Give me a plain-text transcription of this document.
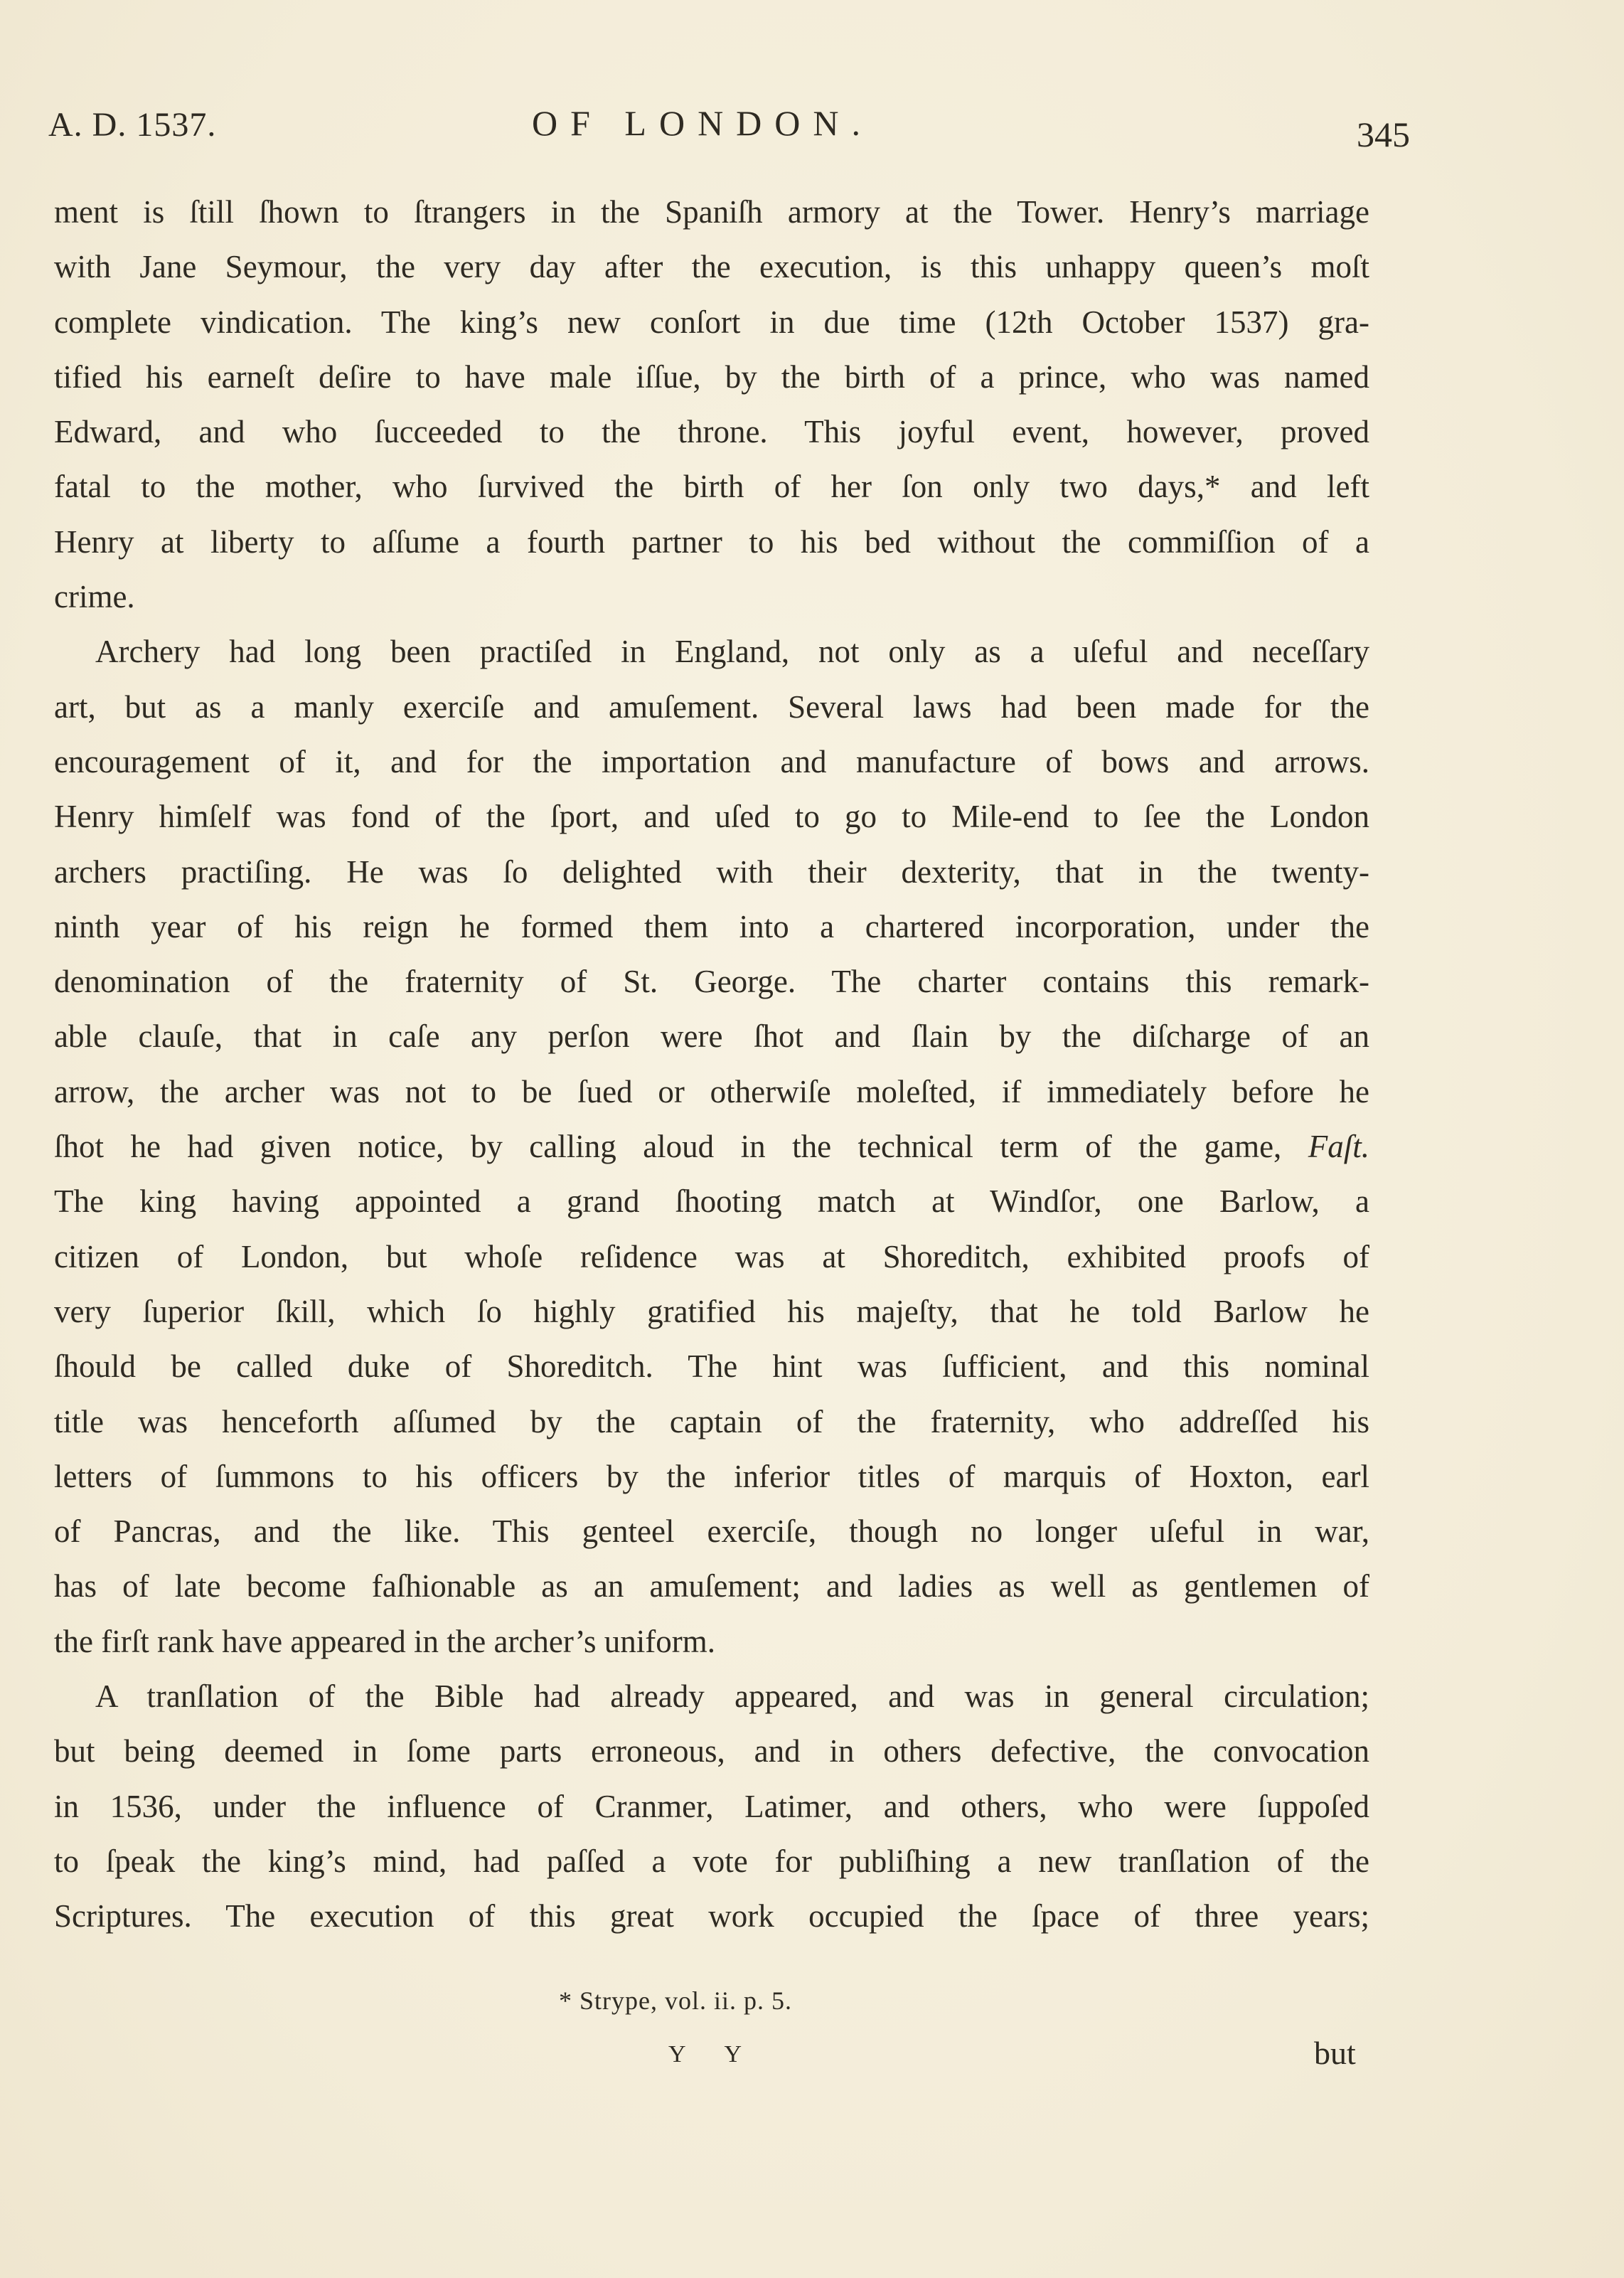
A. D. 1537.	OF LONDON.	345
ment is ſtill ſhown to ſtrangers in the Spaniſh armory at the Tower. Henry’s marriage
with Jane Seymour, the very day after the execution, is this unhappy queen’s moſt
complete vindication. The king’s new conſort in due time (12th October 1537) gra-
tified his earneſt deſire to have male iſſue, by the birth of a prince, who was named
Edward, and who ſucceeded to the throne. This joyful event, however, proved
fatal to the mother, who ſurvived the birth of her ſon only two days,* and left
Henry at liberty to aſſume a fourth partner to his bed without the commiſſion of a
crime.
Archery had long been practiſed in England, not only as a uſeful and neceſſary
art, but as a manly exerciſe and amuſement. Several laws had been made for the
encouragement of it, and for the importation and manufacture of bows and arrows.
Henry himſelf was fond of the ſport, and uſed to go to Mile-end to ſee the London
archers practiſing. He was ſo delighted with their dexterity, that in the twenty-
ninth year of his reign he formed them into a chartered incorporation, under the
denomination of the fraternity of St. George. The charter contains this remark-
able clauſe, that in caſe any perſon were ſhot and ſlain by the diſcharge of an
arrow, the archer was not to be ſued or otherwiſe moleſted, if immediately before he
ſhot he had given notice, by calling aloud in the technical term of the game, Faſt.
The king having appointed a grand ſhooting match at Windſor, one Barlow, a
citizen of London, but whoſe reſidence was at Shoreditch, exhibited proofs of
very ſuperior ſkill, which ſo highly gratified his majeſty, that he told Barlow he
ſhould be called duke of Shoreditch. The hint was ſufficient, and this nominal
title was henceforth aſſumed by the captain of the fraternity, who addreſſed his
letters of ſummons to his officers by the inferior titles of marquis of Hoxton, earl
of Pancras, and the like. This genteel exerciſe, though no longer uſeful in war,
has of late become faſhionable as an amuſement; and ladies as well as gentlemen of
the firſt rank have appeared in the archer’s uniform.
A tranſlation of the Bible had already appeared, and was in general circulation;
but being deemed in ſome parts erroneous, and in others defective, the convocation
in 1536, under the influence of Cranmer, Latimer, and others, who were ſuppoſed
to ſpeak the king’s mind, had paſſed a vote for publiſhing a new tranſlation of the
Scriptures. The execution of this great work occupied the ſpace of three years;
* Strype, vol. ii. p. 5.
Y Y	but
